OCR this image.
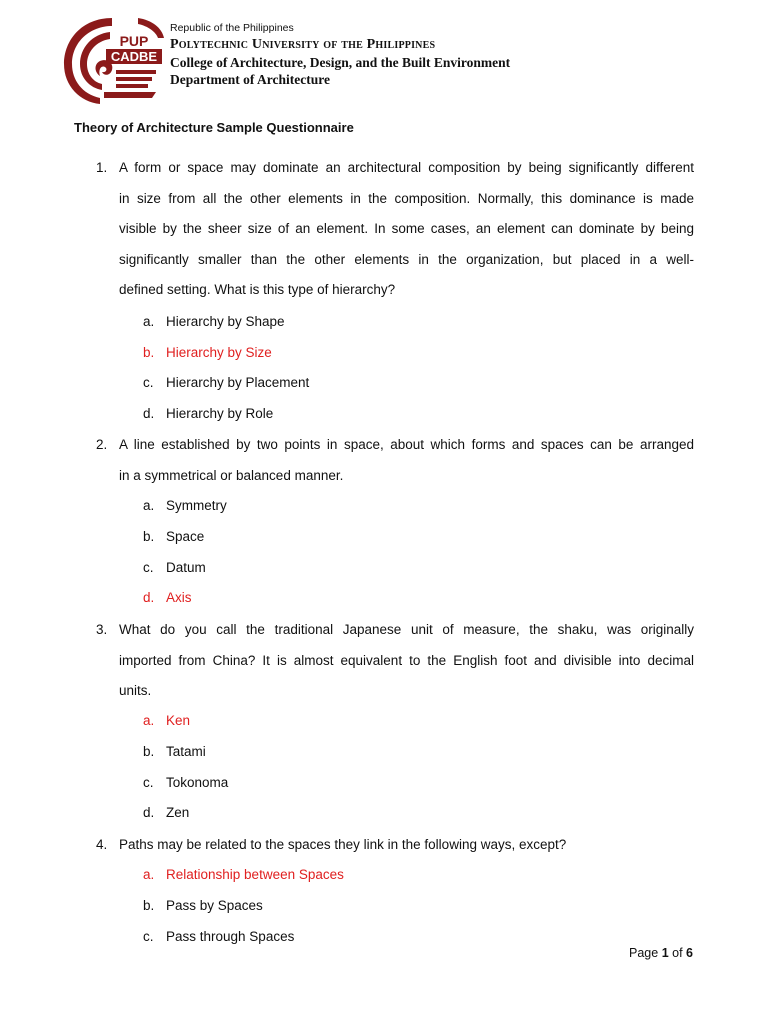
PUP
CADBE
Republic of the Philippines
Polytechnic University of the Philippines
College of Architecture, Design, and the Built Environment
Department of Architecture
Theory of Architecture Sample Questionnaire
1. A form or space may dominate an architectural composition by being significantly different
in size from all the other elements in the composition. Normally, this dominance is made
visible by the sheer size of an element. In some cases, an element can dominate by being
significantly smaller than the other elements in the organization, but placed in a well-
defined setting. What is this type of hierarchy?
a. Hierarchy by Shape
b. Hierarchy by Size
c. Hierarchy by Placement
d. Hierarchy by Role
2. A line established by two points in space, about which forms and spaces can be arranged
in a symmetrical or balanced manner.
a. Symmetry
b. Space
c. Datum
d. Axis
3. What do you call the traditional Japanese unit of measure, the shaku, was originally
imported from China? It is almost equivalent to the English foot and divisible into decimal
units.
a. Ken
b. Tatami
c. Tokonoma
d. Zen
4. Paths may be related to the spaces they link in the following ways, except?
a. Relationship between Spaces
b. Pass by Spaces
c. Pass through Spaces
Page 1 of 6
